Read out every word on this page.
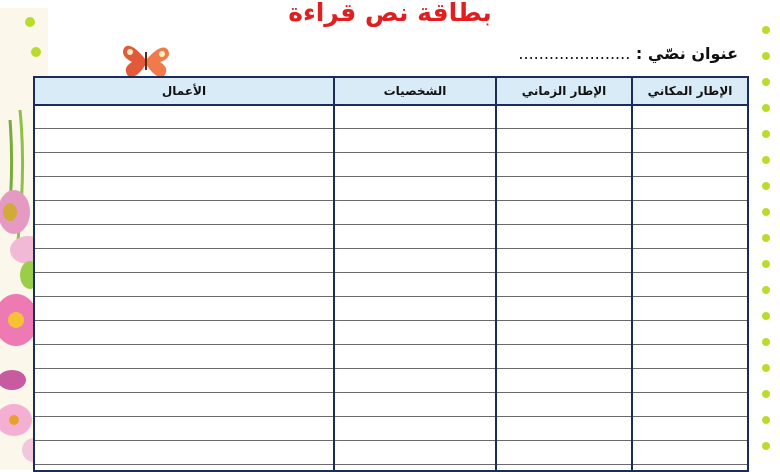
بطاقة نص قراءة
عنوان نصّي : ......................
الإطار المكاني	الإطار الزماني	الشخصيات	الأعمال
